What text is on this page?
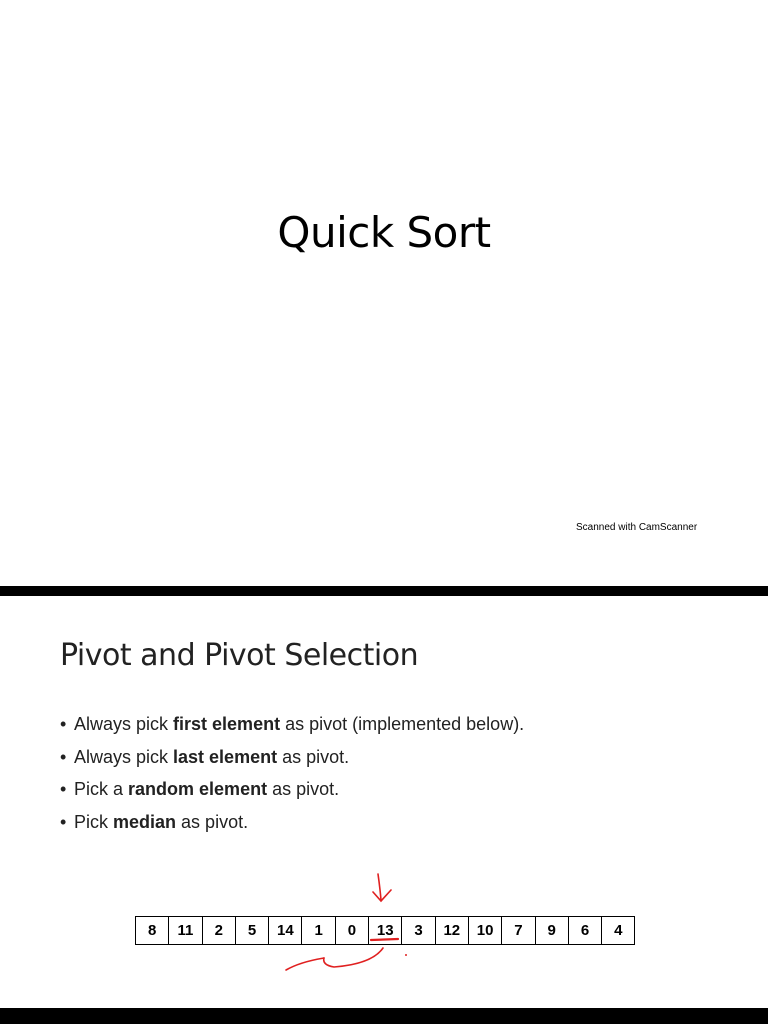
Quick Sort
Scanned with CamScanner
Pivot and Pivot Selection
• Always pick first element as pivot (implemented below).
• Always pick last element as pivot.
• Pick a random element as pivot.
• Pick median as pivot.
8	11	2	5	14	1	0	13	3	12	10	7	9	6	4
